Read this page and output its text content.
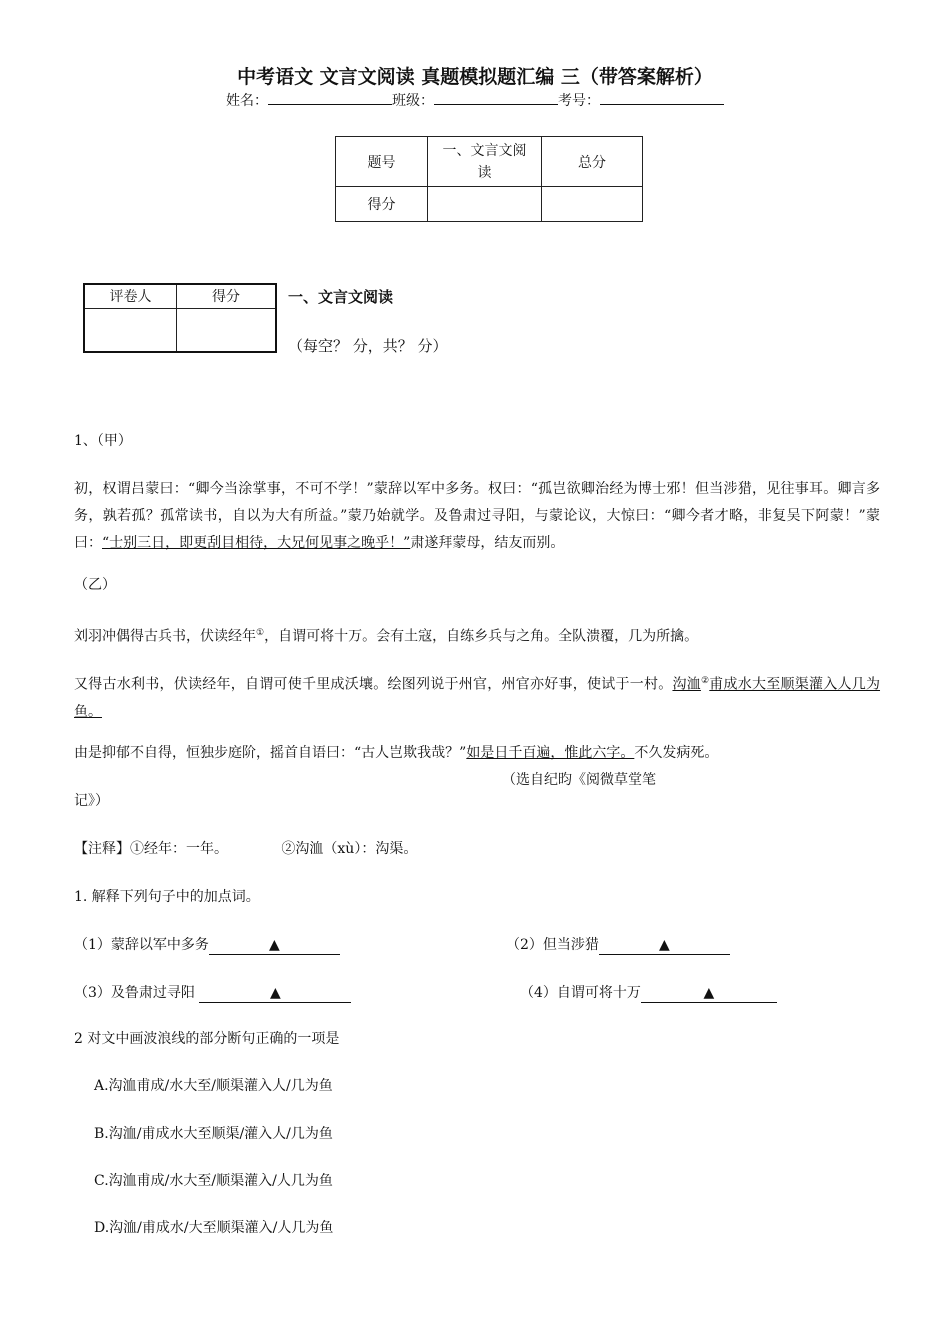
中考语文 文言文阅读 真题模拟题汇编 三（带答案解析）
姓名：	班级：	考号：
题号	一、文言文阅读	总分
得分		
评卷人	得分
		一、文言文阅读
（每空？ 分，共？ 分）
1、（甲）
初，权谓吕蒙曰：“卿今当涂掌事，不可不学！”蒙辞以军中多务。权曰：“孤岂欲卿治经为博士邪！但当涉猎，见往事耳。卿言多务，孰若孤？孤常读书，自以为大有所益。”蒙乃始就学。及鲁肃过寻阳，与蒙论议，大惊曰：“卿今者才略，非复吴下阿蒙！”蒙曰：“士别三日，即更刮目相待，大兄何见事之晚乎！”肃遂拜蒙母，结友而别。
（乙）
刘羽冲偶得古兵书，伏读经年①，自谓可将十万。会有土寇，自练乡兵与之角。全队溃覆，几为所擒。
又得古水利书，伏读经年，自谓可使千里成沃壤。绘图列说于州官，州官亦好事，使试于一村。沟洫②甫成水大至顺渠灌入人几为鱼。
由是抑郁不自得，恒独步庭阶，摇首自语曰：“古人岂欺我哉？”如是日千百遍，惟此六字。不久发病死。
（选自纪昀《阅微草堂笔
记》）
【注释】①经年：一年。            ②沟洫（xù）：沟渠。
1. 解释下列句子中的加点词。
（1）蒙辞以军中多务	▲	（2）但当涉猎	▲
（3）及鲁肃过寻阳	▲	（4）自谓可将十万	▲
2 对文中画波浪线的部分断句正确的一项是
A.沟洫甫成/水大至/顺渠灌入人/几为鱼
B.沟洫/甫成水大至顺渠/灌入人/几为鱼
C.沟洫甫成/水大至/顺渠灌入/人几为鱼
D.沟洫/甫成水/大至顺渠灌入/人几为鱼
